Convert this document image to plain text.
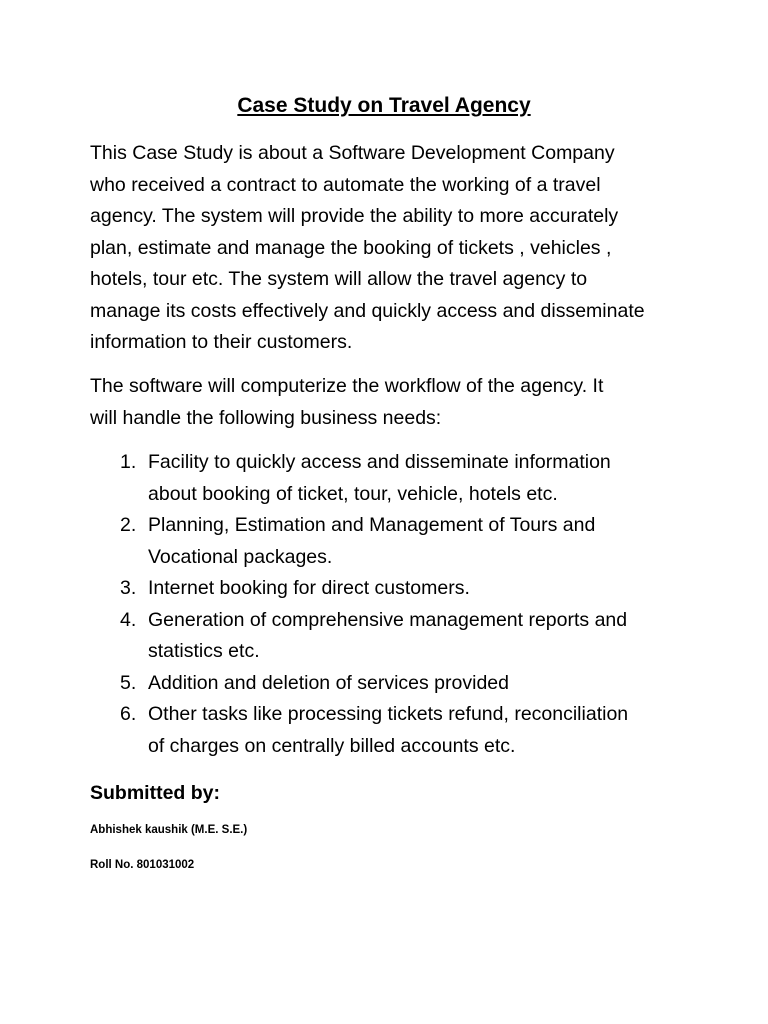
Case Study on Travel Agency

This Case Study is about a Software Development Company
who received a contract to automate the working of a travel
agency. The system will provide the ability to more accurately
plan, estimate and manage the booking of tickets , vehicles ,
hotels, tour etc. The system will allow the travel agency to
manage its costs effectively and quickly access and disseminate
information to their customers.

The software will computerize the workflow of the agency. It
will handle the following business needs:

1. Facility to quickly access and disseminate information
about booking of ticket, tour, vehicle, hotels etc.
2. Planning, Estimation and Management of Tours and
Vocational packages.
3. Internet booking for direct customers.
4. Generation of comprehensive management reports and
statistics etc.
5. Addition and deletion of services provided
6. Other tasks like processing tickets refund, reconciliation
of charges on centrally billed accounts etc.
Submitted by:
Abhishek kaushik (M.E. S.E.)
Roll No. 801031002
